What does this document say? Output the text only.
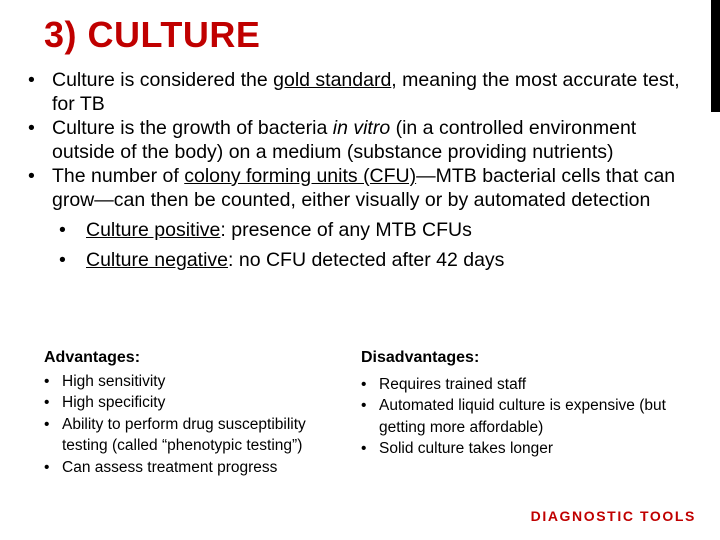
3) CULTURE
• Culture is considered the gold standard, meaning the most accurate test, for TB
• Culture is the growth of bacteria in vitro (in a controlled environment outside of the body) on a medium (substance providing nutrients)
• The number of colony forming units (CFU)—MTB bacterial cells that can grow—can then be counted, either visually or by automated detection
• Culture positive: presence of any MTB CFUs
• Culture negative: no CFU detected after 42 days
Advantages:
• High sensitivity
• High specificity
• Ability to perform drug susceptibility testing (called “phenotypic testing”)
• Can assess treatment progress
Disadvantages:
• Requires trained staff
• Automated liquid culture is expensive (but getting more affordable)
• Solid culture takes longer
DIAGNOSTIC TOOLS
